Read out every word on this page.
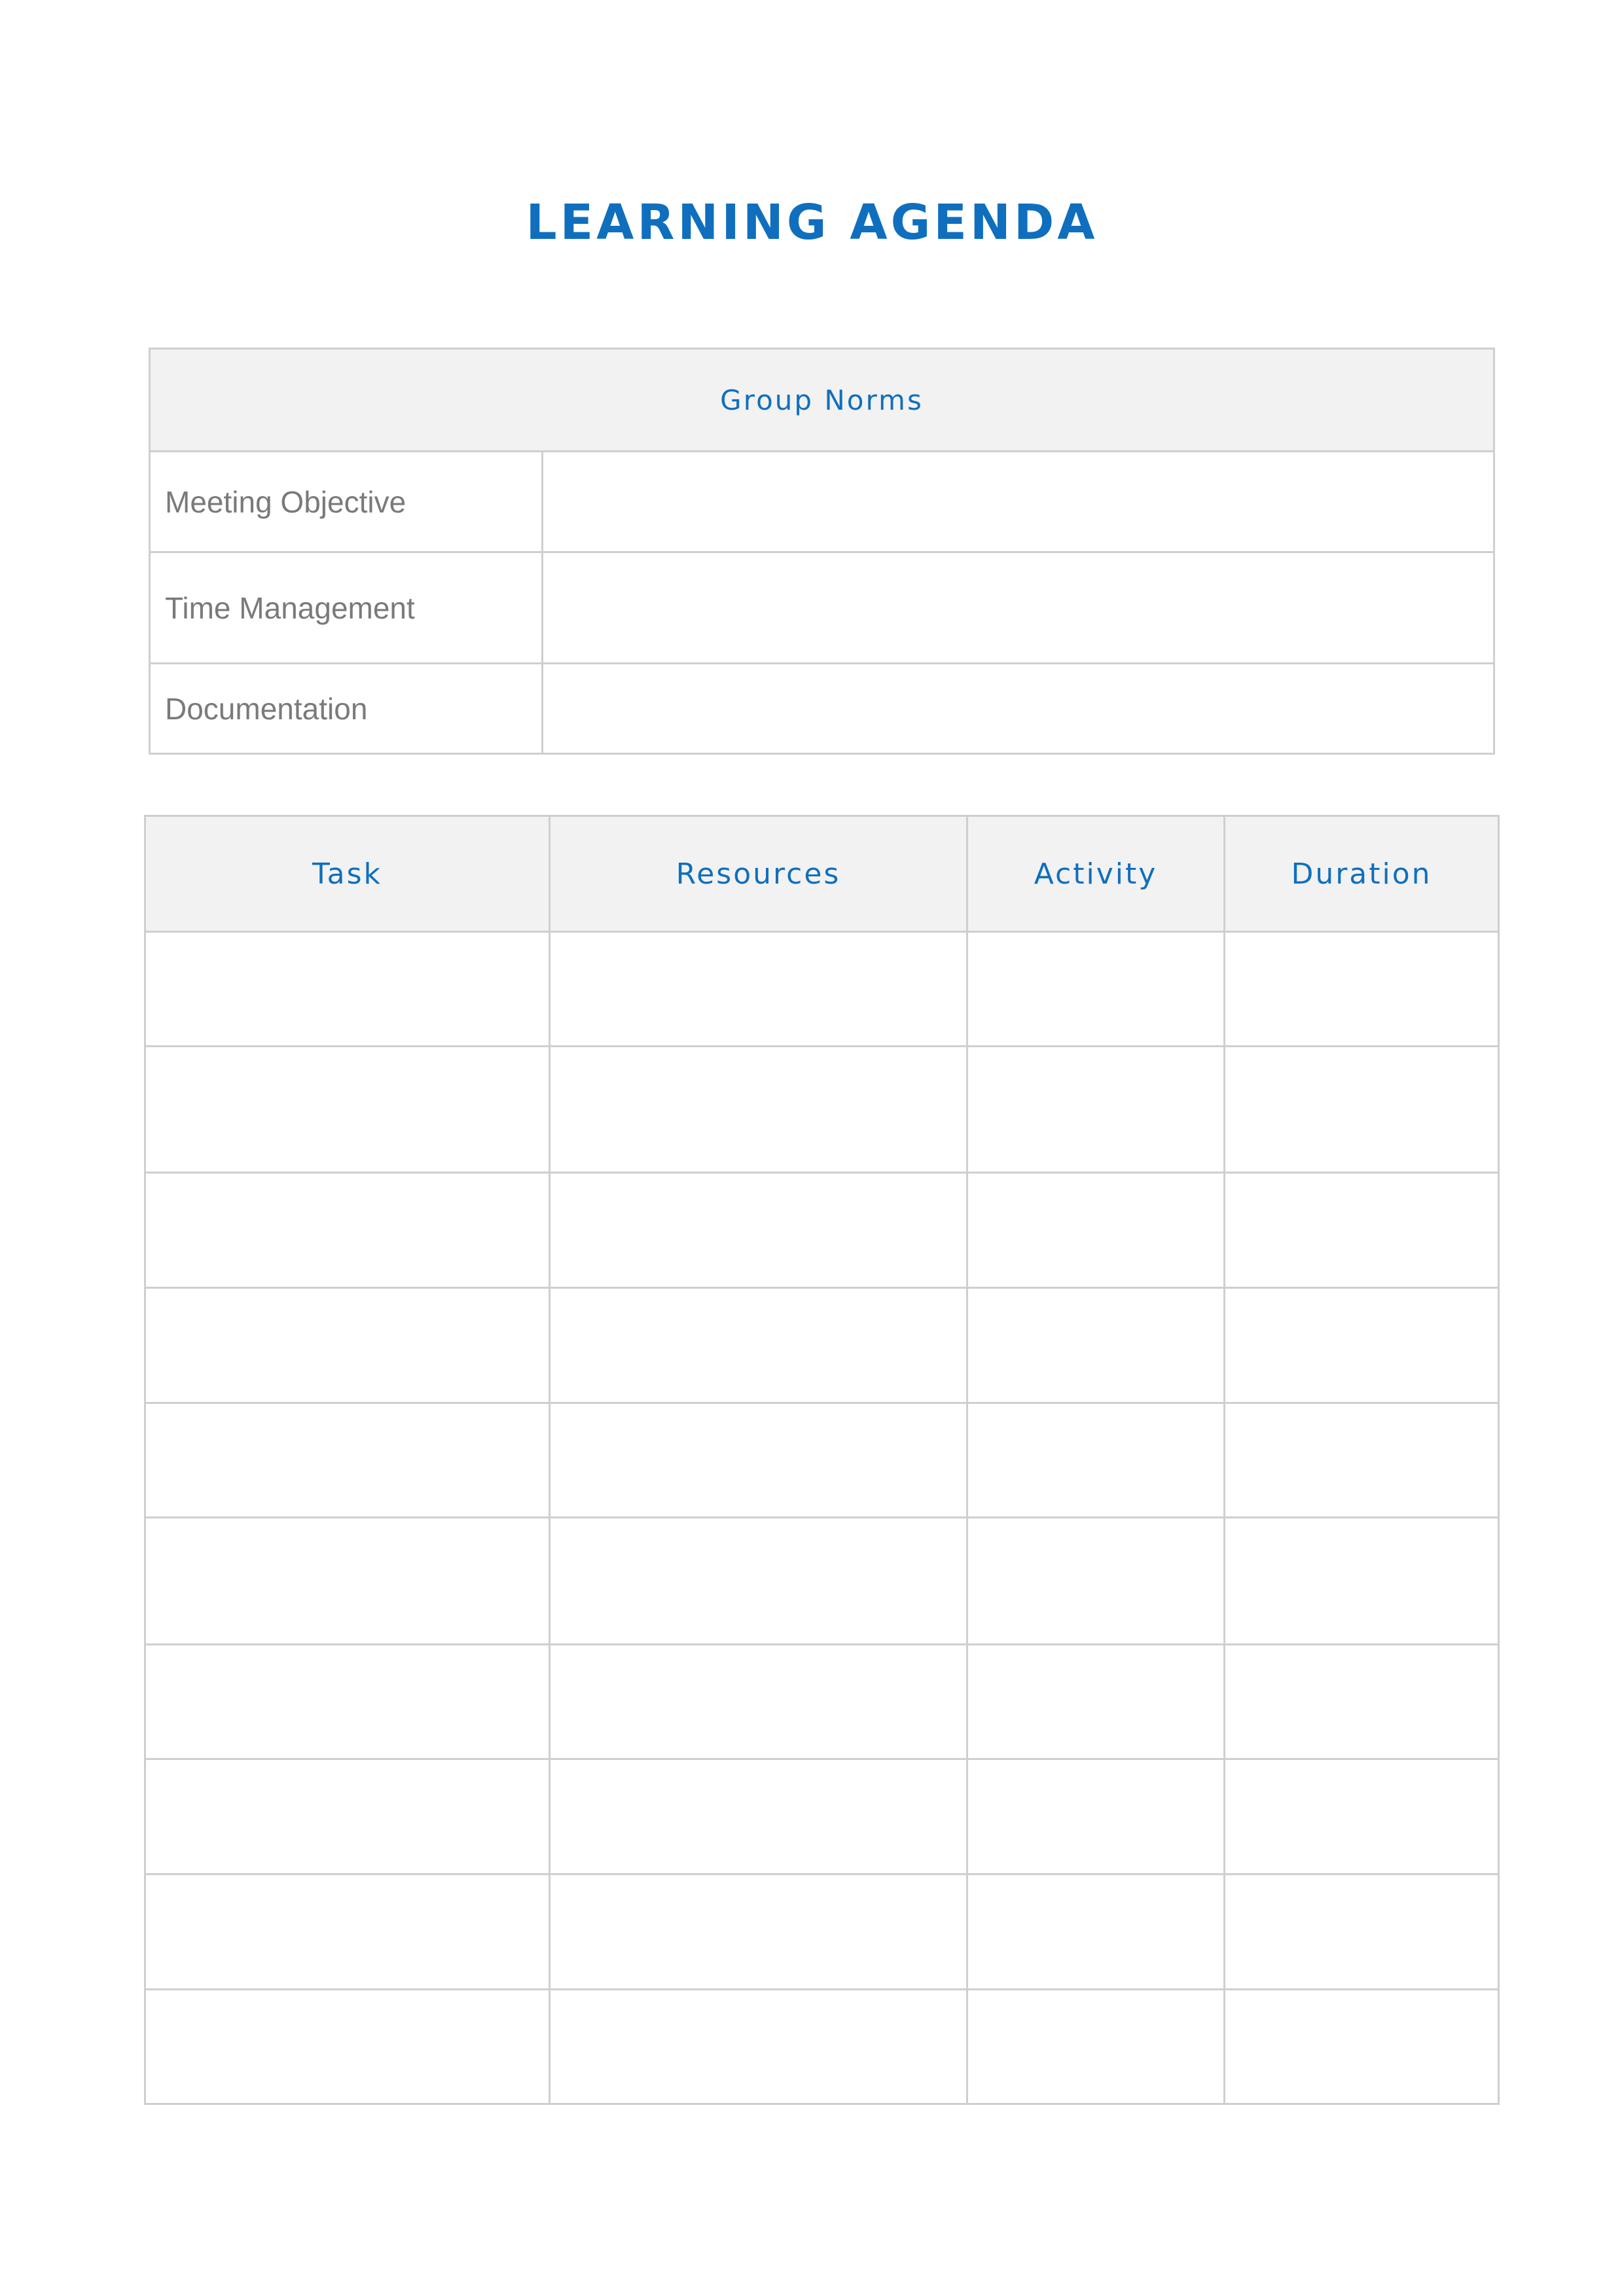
LEARNING AGENDA
Group Norms	
Meeting Objective	
Time Management	
Documentation	
Task	Resources	Activity	Duration
